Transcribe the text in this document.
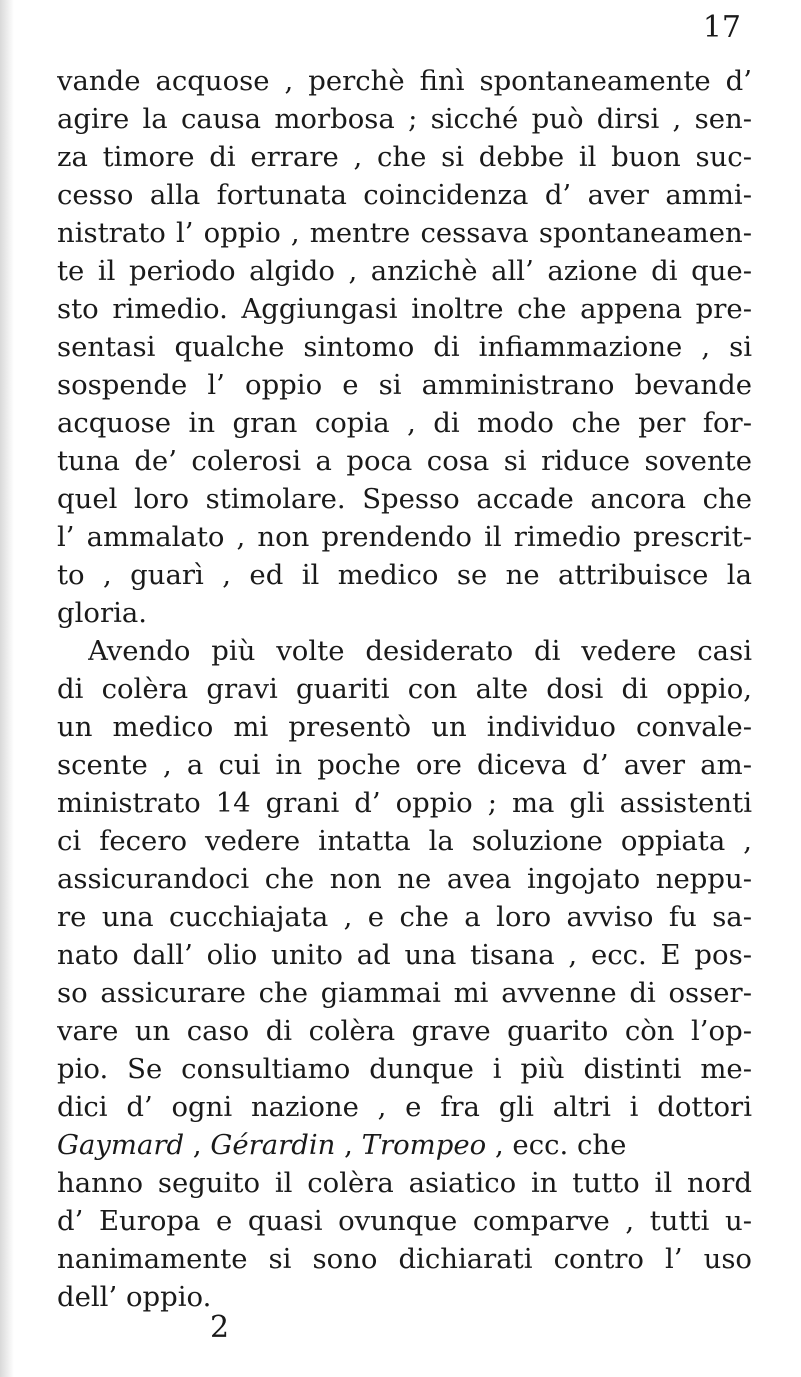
17
vande acquose , perchè finì spontaneamente d’
agire la causa morbosa ; sicché può dirsi , sen-
za timore di errare , che si debbe il buon suc-
cesso alla fortunata coincidenza d’ aver ammi-
nistrato l’ oppio , mentre cessava spontaneamen-
te il periodo algido , anzichè all’ azione di que-
sto rimedio. Aggiungasi inoltre che appena pre-
sentasi qualche sintomo di infiammazione , si
sospende l’ oppio e si amministrano bevande
acquose in gran copia , di modo che per for-
tuna de’ colerosi a poca cosa si riduce sovente
quel loro stimolare. Spesso accade ancora che
l’ ammalato , non prendendo il rimedio prescrit-
to , guarì , ed il medico se ne attribuisce la
gloria.
Avendo più volte desiderato di vedere casi
di colèra gravi guariti con alte dosi di oppio,
un medico mi presentò un individuo convale-
scente , a cui in poche ore diceva d’ aver am-
ministrato 14 grani d’ oppio ; ma gli assistenti
ci fecero vedere intatta la soluzione oppiata ,
assicurandoci che non ne avea ingojato neppu-
re una cucchiajata , e che a loro avviso fu sa-
nato dall’ olio unito ad una tisana , ecc. E pos-
so assicurare che giammai mi avvenne di osser-
vare un caso di colèra grave guarito còn l’op-
pio. Se consultiamo dunque i più distinti me-
dici d’ ogni nazione , e fra gli altri i dottori
Gaymard , Gérardin , Trompeo , ecc. che
hanno seguito il colèra asiatico in tutto il nord
d’ Europa e quasi ovunque comparve , tutti u-
nanimamente si sono dichiarati contro l’ uso
dell’ oppio.
2
